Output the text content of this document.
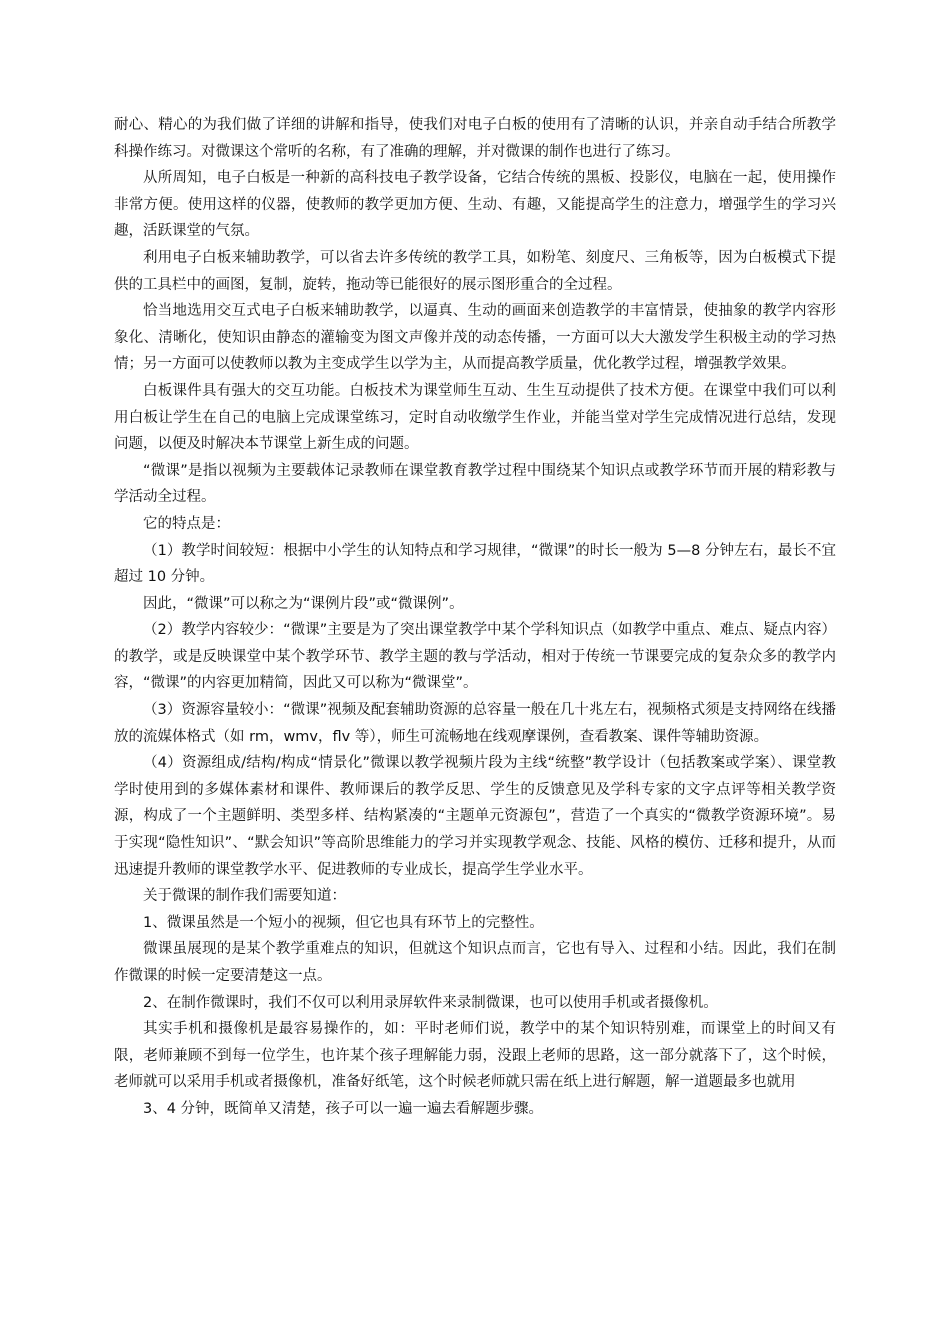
耐心、精心的为我们做了详细的讲解和指导，使我们对电子白板的使用有了清晰的认识，并亲自动手结合所教学科操作练习。对微课这个常听的名称，有了准确的理解，并对微课的制作也进行了练习。

从所周知，电子白板是一种新的高科技电子教学设备，它结合传统的黑板、投影仪，电脑在一起，使用操作非常方便。使用这样的仪器，使教师的教学更加方便、生动、有趣，又能提高学生的注意力，增强学生的学习兴趣，活跃课堂的气氛。

利用电子白板来辅助教学，可以省去许多传统的教学工具，如粉笔、刻度尺、三角板等，因为白板模式下提供的工具栏中的画图，复制，旋转，拖动等已能很好的展示图形重合的全过程。

恰当地选用交互式电子白板来辅助教学，以逼真、生动的画面来创造教学的丰富情景，使抽象的教学内容形象化、清晰化，使知识由静态的灌输变为图文声像并茂的动态传播，一方面可以大大激发学生积极主动的学习热情；另一方面可以使教师以教为主变成学生以学为主，从而提高教学质量，优化教学过程，增强教学效果。

白板课件具有强大的交互功能。白板技术为课堂师生互动、生生互动提供了技术方便。在课堂中我们可以利用白板让学生在自己的电脑上完成课堂练习，定时自动收缴学生作业，并能当堂对学生完成情况进行总结，发现问题，以便及时解决本节课堂上新生成的问题。

“微课”是指以视频为主要载体记录教师在课堂教育教学过程中围绕某个知识点或教学环节而开展的精彩教与学活动全过程。

它的特点是：

（1）教学时间较短：根据中小学生的认知特点和学习规律，“微课”的时长一般为 5—8 分钟左右，最长不宜超过 10 分钟。

因此，“微课”可以称之为“课例片段”或“微课例”。

（2）教学内容较少：“微课”主要是为了突出课堂教学中某个学科知识点（如教学中重点、难点、疑点内容）的教学，或是反映课堂中某个教学环节、教学主题的教与学活动，相对于传统一节课要完成的复杂众多的教学内容，“微课”的内容更加精简，因此又可以称为“微课堂”。

（3）资源容量较小：“微课”视频及配套辅助资源的总容量一般在几十兆左右，视频格式须是支持网络在线播放的流媒体格式（如 rm，wmv，flv 等），师生可流畅地在线观摩课例，查看教案、课件等辅助资源。

（4）资源组成/结构/构成“情景化”微课以教学视频片段为主线“统整”教学设计（包括教案或学案）、课堂教学时使用到的多媒体素材和课件、教师课后的教学反思、学生的反馈意见及学科专家的文字点评等相关教学资源，构成了一个主题鲜明、类型多样、结构紧凑的“主题单元资源包”，营造了一个真实的“微教学资源环境”。易于实现“隐性知识”、“默会知识”等高阶思维能力的学习并实现教学观念、技能、风格的模仿、迁移和提升，从而迅速提升教师的课堂教学水平、促进教师的专业成长，提高学生学业水平。

关于微课的制作我们需要知道：

1、微课虽然是一个短小的视频，但它也具有环节上的完整性。

微课虽展现的是某个教学重难点的知识，但就这个知识点而言，它也有导入、过程和小结。因此，我们在制作微课的时候一定要清楚这一点。

2、在制作微课时，我们不仅可以利用录屏软件来录制微课，也可以使用手机或者摄像机。

其实手机和摄像机是最容易操作的，如：平时老师们说，教学中的某个知识特别难，而课堂上的时间又有限，老师兼顾不到每一位学生，也许某个孩子理解能力弱，没跟上老师的思路，这一部分就落下了，这个时候，老师就可以采用手机或者摄像机，准备好纸笔，这个时候老师就只需在纸上进行解题，解一道题最多也就用

3、4 分钟，既简单又清楚，孩子可以一遍一遍去看解题步骤。
